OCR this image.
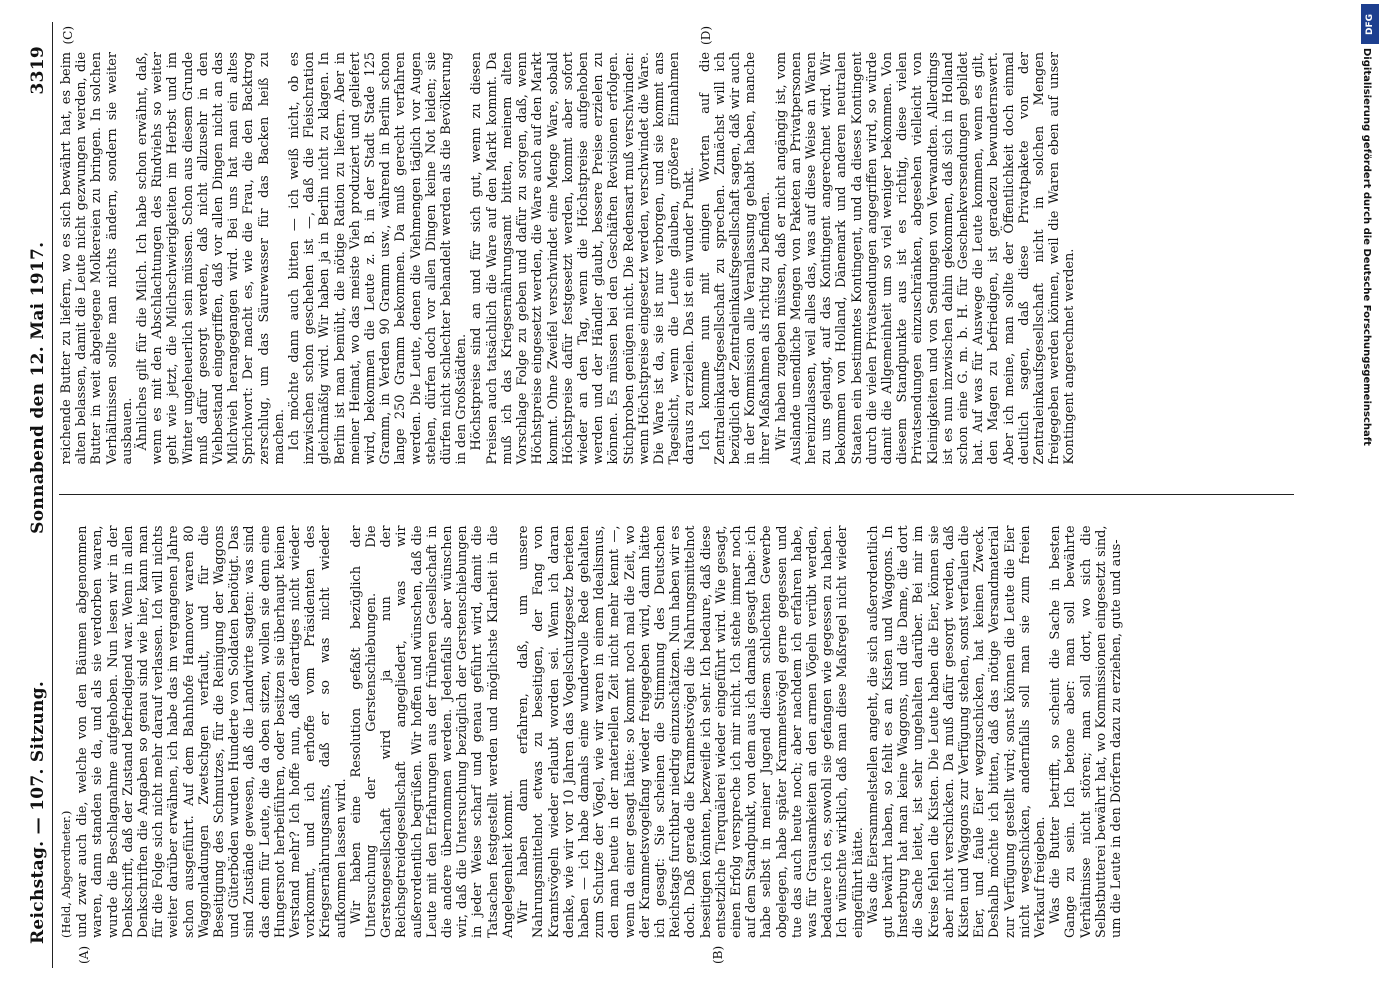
Reichstag. — 107. Sitzung.
Sonnabend den 12. Mai 1917.
3319
(Held, Abgeordneter.)
(A)	(B)

und zwar auch die, welche von den Bäumen abgenommen waren, dann standen sie da, und als sie verdorben waren, wurde die Beschlagnahme aufgehoben. Nun lesen wir in der Denkschrift, daß der Zustand befriedigend war. Wenn in allen Denkschriften die Angaben so genau sind wie hier, kann man für die Folge sich nicht mehr darauf verlassen. Ich will nichts weiter darüber erwähnen, ich habe das im vergangenen Jahre schon ausgeführt. Auf dem Bahnhofe Hannover waren 80 Waggonladungen Zwetschgen verfault, und für die Beseitigung des Schmutzes, für die Reinigung der Waggons und Güterböden wurden Hunderte von Soldaten benötigt. Das sind Zustände gewesen, daß die Landwirte sagten: was sind das denn für Leute, die da oben sitzen, wollen sie denn eine Hungersnot herbeiführen, oder besitzen sie überhaupt keinen Verstand mehr? Ich hoffe nun, daß derartiges nicht wieder vorkommt, und ich erhoffe vom Präsidenten des Kriegsernährungsamts, daß er so was nicht wieder aufkommen lassen wird. Wir haben eine Resolution gefaßt bezüglich der Untersuchung der Gerstenschiebungen. Die Gerstengesellschaft wird ja nun der Reichsgetreidegesellschaft angegliedert, was wir außerordentlich begrüßen. Wir hoffen und wünschen, daß die Leute mit den Erfahrungen aus der früheren Gesellschaft in die andere übernommen werden. Jedenfalls aber wünschen wir, daß die Untersuchung bezüglich der Gerstenschiebungen in jeder Weise scharf und genau geführt wird, damit die Tatsachen festgestellt werden und möglichste Klarheit in die Angelegenheit kommt. Wir haben dann erfahren, daß, um unsere Nahrungsmittelnot etwas zu beseitigen, der Fang von Kramtsvögeln wieder erlaubt worden sei. Wenn ich daran denke, wie wir vor 10 Jahren das Vogelschutzgesetz berieten haben — ich habe damals eine wundervolle Rede gehalten zum Schutze der Vögel, wie wir waren in einem Idealismus, den man heute in der materiellen Zeit nicht mehr kennt —, wenn da einer gesagt hätte: so kommt noch mal die Zeit, wo der Krammetsvogelfang wieder freigegeben wird, dann hätte ich gesagt: Sie scheinen die Stimmung des Deutschen Reichstags furchtbar niedrig einzuschätzen. Nun haben wir es doch. Daß gerade die Krammetsvögel die Nahrungsmittelnot beseitigen könnten, bezweifle ich sehr. Ich bedaure, daß diese entsetzliche Tierquälerei wieder eingeführt wird. Wie gesagt, einen Erfolg verspreche ich mir nicht. Ich stehe immer noch auf dem Standpunkt, von dem aus ich damals gesagt habe: ich habe selbst in meiner Jugend diesem schlechten Gewerbe obgelegen, habe später Krammetsvögel gerne gegessen und tue das auch heute noch; aber nachdem ich erfahren habe, was für Grausamkeiten an den armen Vögeln verübt werden, bedauere ich es, sowohl sie gefangen wie gegessen zu haben. Ich wünschte wirklich, daß man diese Maßregel nicht wieder eingeführt hätte. Was die Eiersammelstellen angeht, die sich außerordentlich gut bewährt haben, so fehlt es an Kisten und Waggons. In Insterburg hat man keine Waggons, und die Dame, die dort die Sache leitet, ist sehr ungehalten darüber. Bei mir im Kreise fehlen die Kisten. Die Leute haben die Eier, können sie aber nicht verschicken. Da muß dafür gesorgt werden, daß Kisten und Waggons zur Verfügung stehen, sonst verfaulen die Eier, und faule Eier wegzuschicken, hat keinen Zweck. Deshalb möchte ich bitten, daß das nötige Versandmaterial zur Verfügung gestellt wird; sonst können die Leute die Eier nicht wegschicken, andernfalls soll man sie zum freien Verkauf freigeben. Was die Butter betrifft, so scheint die Sache in besten Gange zu sein. Ich betone aber: man soll bewährte Verhältnisse nicht stören; man soll dort, wo sich die Selbstbutterei bewährt hat, wo Kommissionen eingesetzt sind, um die Leute in den Dörfern dazu zu erziehen, gute und aus-

(C)	(D)

reichende Butter zu liefern, wo es sich bewährt hat, es beim alten belassen, damit die Leute nicht gezwungen werden, die Butter in weit abgelegene Molkereien zu bringen. In solchen Verhältnissen sollte man nichts ändern, sondern sie weiter ausbauen. Ähnliches gilt für die Milch. Ich habe schon erwähnt, daß, wenn es mit den Abschlachtungen des Rindviehs so weiter geht wie jetzt, die Milchschwierigkeiten im Herbst und im Winter ungeheuerlich sein müssen. Schon aus diesem Grunde muß dafür gesorgt werden, daß nicht allzusehr in den Viehbestand eingegriffen, daß vor allen Dingen nicht an das Milchvieh herangegangen wird. Bei uns hat man ein altes Sprichwort: Der macht es, wie die Frau, die den Backtrog zerschlug, um das Säurewasser für das Backen heiß zu machen. Ich möchte dann auch bitten — ich weiß nicht, ob es inzwischen schon geschehen ist —, daß die Fleischration gleichmäßig wird. Wir haben ja in Berlin nicht zu klagen. In Berlin ist man bemüht, die nötige Ration zu liefern. Aber in meiner Heimat, wo das meiste Vieh produziert und geliefert wird, bekommen die Leute z. B. in der Stadt Stade 125 Gramm, in Verden 90 Gramm usw., während in Berlin schon lange 250 Gramm bekommen. Da muß gerecht verfahren werden. Die Leute, denen die Viehmengen täglich vor Augen stehen, dürfen doch vor allen Dingen keine Not leiden; sie dürfen nicht schlechter behandelt werden als die Bevölkerung in den Großstädten. Höchstpreise sind an und für sich gut, wenn zu diesen Preisen auch tatsächlich die Ware auf den Markt kommt. Da muß ich das Kriegsernährungsamt bitten, meinem alten Vorschlage Folge zu geben und dafür zu sorgen, daß, wenn Höchstpreise eingesetzt werden, die Ware auch auf den Markt kommt. Ohne Zweifel verschwindet eine Menge Ware, sobald Höchstpreise dafür festgesetzt werden, kommt aber sofort wieder an den Tag, wenn die Höchstpreise aufgehoben werden und der Händler glaubt, bessere Preise erzielen zu können. Es müssen bei den Geschäften Revisionen erfolgen. Stichproben genügen nicht. Die Redensart muß verschwinden: wenn Höchstpreise eingesetzt werden, verschwindet die Ware. Die Ware ist da, sie ist nur verborgen, und sie kommt ans Tageslicht, wenn die Leute glauben, größere Einnahmen daraus zu erzielen. Das ist ein wunder Punkt. Ich komme nun mit einigen Worten auf die Zentraleinkaufsgesellschaft zu sprechen. Zunächst will ich bezüglich der Zentraleinkaufsgesellschaft sagen, daß wir auch in der Kommission alle Veranlassung gehabt haben, manche ihrer Maßnahmen als richtig zu befinden. Wir haben zugeben müssen, daß er nicht angängig ist, vom Auslande unendliche Mengen von Paketen an Privatpersonen hereinzulassen, weil alles das, was auf diese Weise an Waren zu uns gelangt, auf das Kontingent angerechnet wird. Wir bekommen von Holland, Dänemark und anderen neutralen Staaten ein bestimmtes Kontingent, und da dieses Kontingent durch die vielen Privatsendungen angegriffen wird, so würde damit die Allgemeinheit um so viel weniger bekommen. Von diesem Standpunkte aus ist es richtig, diese vielen Privatsendungen einzuschränken, abgesehen vielleicht von Kleinigkeiten und von Sendungen von Verwandten. Allerdings ist es nun inzwischen dahin gekommen, daß sich in Holland schon eine G. m. b. H. für Geschenkversendungen gebildet hat. Auf was für Auswege die Leute kommen, wenn es gilt, den Magen zu befriedigen, ist geradezu bewundernswert. Aber ich meine, man sollte der Öffentlichkeit doch einmal deutlich sagen, daß diese Privatpakete von der Zentraleinkaufsgesellschaft nicht in solchen Mengen freigegeben werden können, weil die Waren eben auf unser Kontingent angerechnet werden.

DFG
Digitalisierung gefördert durch die Deutsche Forschungsgemeinschaft
